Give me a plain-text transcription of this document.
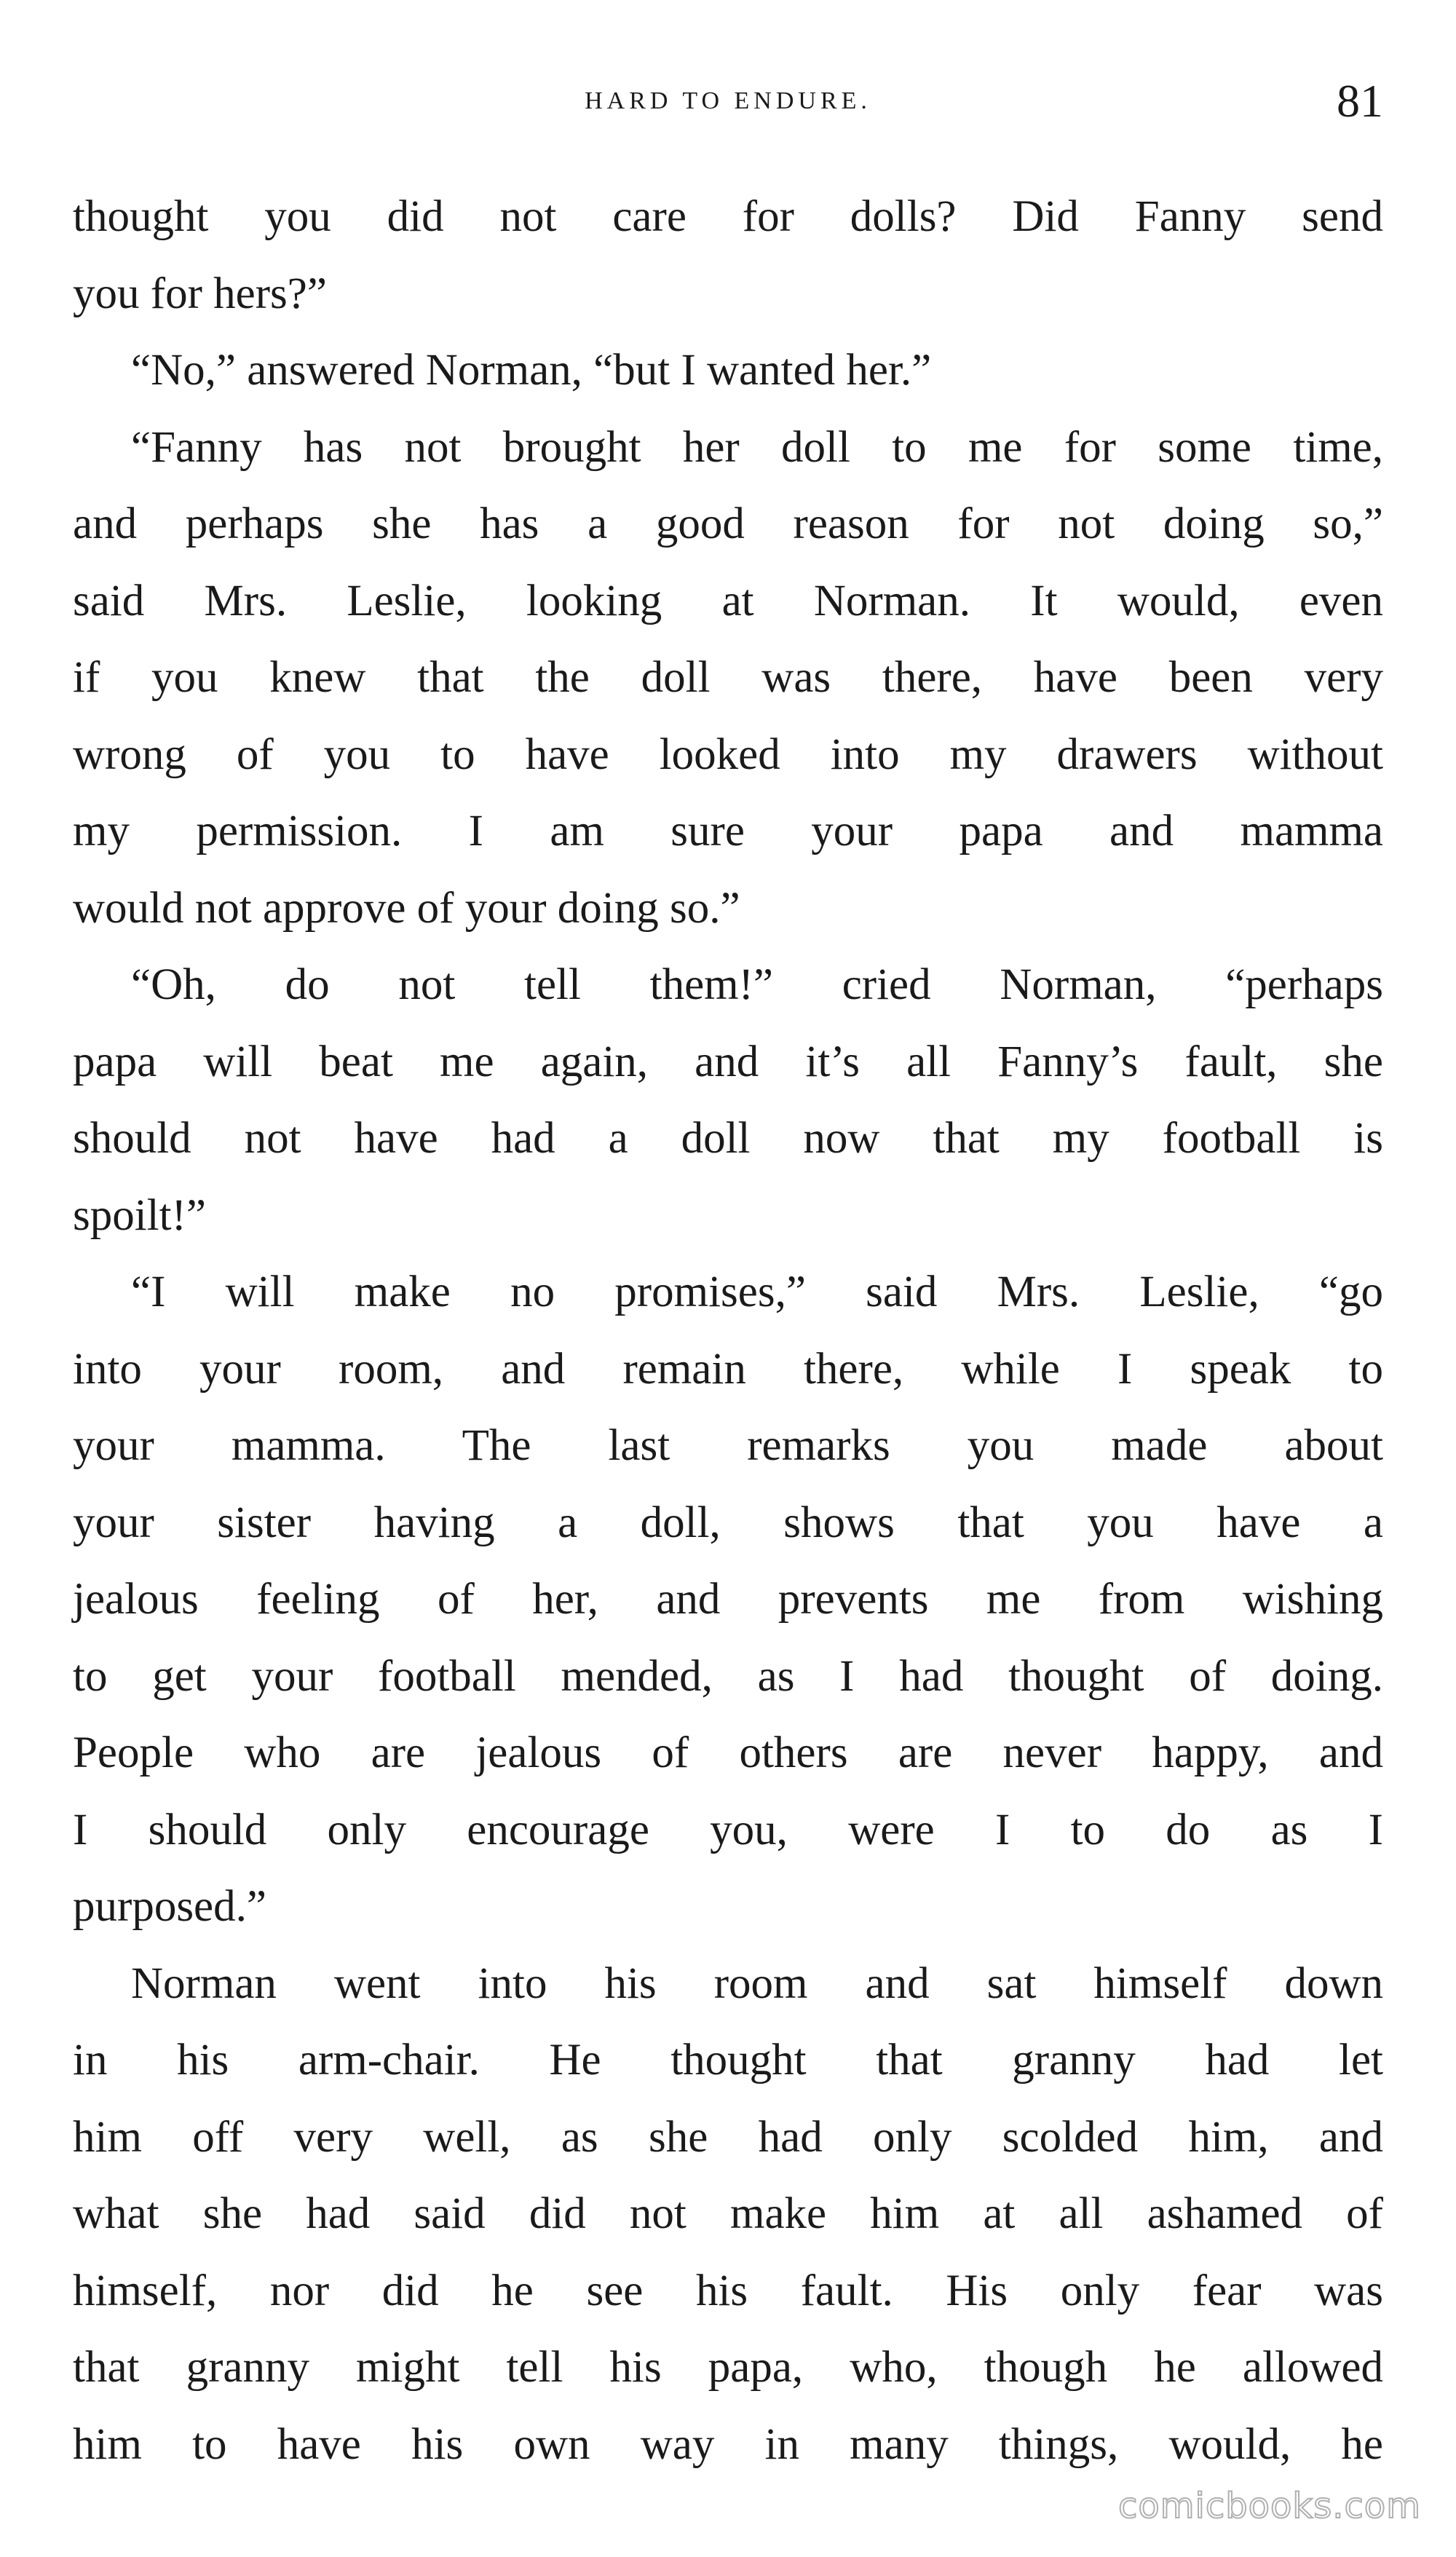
HARD TO ENDURE.	81
thought you did not care for dolls? Did Fanny send
you for hers?”
“No,” answered Norman, “but I wanted her.”
“Fanny has not brought her doll to me for some time,
and perhaps she has a good reason for not doing so,”
said Mrs. Leslie, looking at Norman. It would, even
if you knew that the doll was there, have been very
wrong of you to have looked into my drawers without
my permission. I am sure your papa and mamma
would not approve of your doing so.”
“Oh, do not tell them!” cried Norman, “perhaps
papa will beat me again, and it’s all Fanny’s fault, she
should not have had a doll now that my football is
spoilt!”
“I will make no promises,” said Mrs. Leslie, “go
into your room, and remain there, while I speak to
your mamma. The last remarks you made about
your sister having a doll, shows that you have a
jealous feeling of her, and prevents me from wishing
to get your football mended, as I had thought of doing.
People who are jealous of others are never happy, and
I should only encourage you, were I to do as I
purposed.”
Norman went into his room and sat himself down
in his arm-chair. He thought that granny had let
him off very well, as she had only scolded him, and
what she had said did not make him at all ashamed of
himself, nor did he see his fault. His only fear was
that granny might tell his papa, who, though he allowed
him to have his own way in many things, would, he
comicbooks.com
